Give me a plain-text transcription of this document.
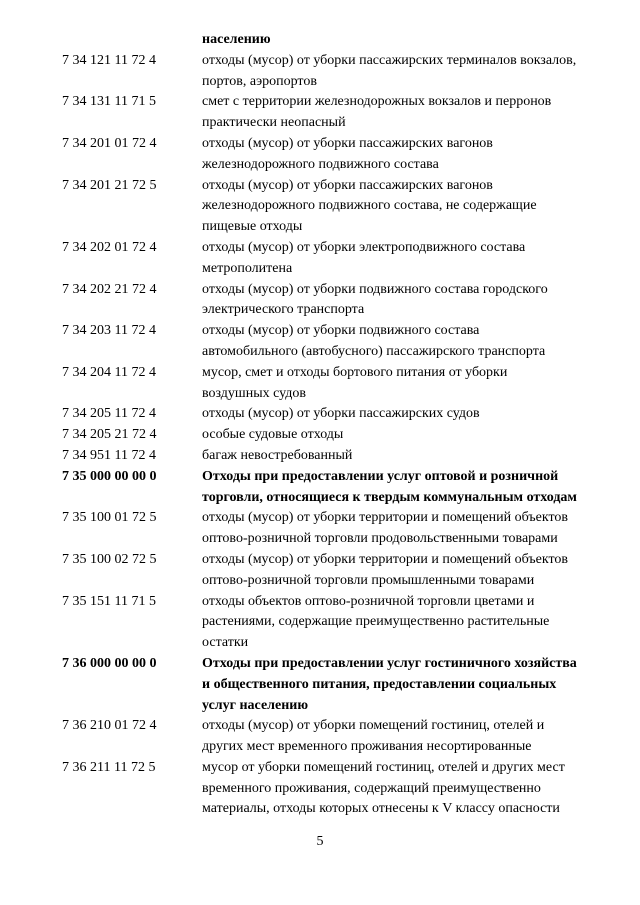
населению
7 34 121 11 72 4	отходы (мусор) от уборки пассажирских терминалов вокзалов,
портов, аэропортов
7 34 131 11 71 5	смет с территории железнодорожных вокзалов и перронов
практически неопасный
7 34 201 01 72 4	отходы (мусор) от уборки пассажирских вагонов
железнодорожного подвижного состава
7 34 201 21 72 5	отходы (мусор) от уборки пассажирских вагонов
железнодорожного подвижного состава, не содержащие
пищевые отходы
7 34 202 01 72 4	отходы (мусор) от уборки электроподвижного состава
метрополитена
7 34 202 21 72 4	отходы (мусор) от уборки подвижного состава городского
электрического транспорта
7 34 203 11 72 4	отходы (мусор) от уборки подвижного состава
автомобильного (автобусного) пассажирского транспорта
7 34 204 11 72 4	мусор, смет и отходы бортового питания от уборки
воздушных судов
7 34 205 11 72 4	отходы (мусор) от уборки пассажирских судов
7 34 205 21 72 4	особые судовые отходы
7 34 951 11 72 4	багаж невостребованный
7 35 000 00 00 0	Отходы при предоставлении услуг оптовой и розничной
торговли, относящиеся к твердым коммунальным отходам
7 35 100 01 72 5	отходы (мусор) от уборки территории и помещений объектов
оптово-розничной торговли продовольственными товарами
7 35 100 02 72 5	отходы (мусор) от уборки территории и помещений объектов
оптово-розничной торговли промышленными товарами
7 35 151 11 71 5	отходы объектов оптово-розничной торговли цветами и
растениями, содержащие преимущественно растительные
остатки
7 36 000 00 00 0	Отходы при предоставлении услуг гостиничного хозяйства
и общественного питания, предоставлении социальных
услуг населению
7 36 210 01 72 4	отходы (мусор) от уборки помещений гостиниц, отелей и
других мест временного проживания несортированные
7 36 211 11 72 5	мусор от уборки помещений гостиниц, отелей и других мест
временного проживания, содержащий преимущественно
материалы, отходы которых отнесены к V классу опасности
5
